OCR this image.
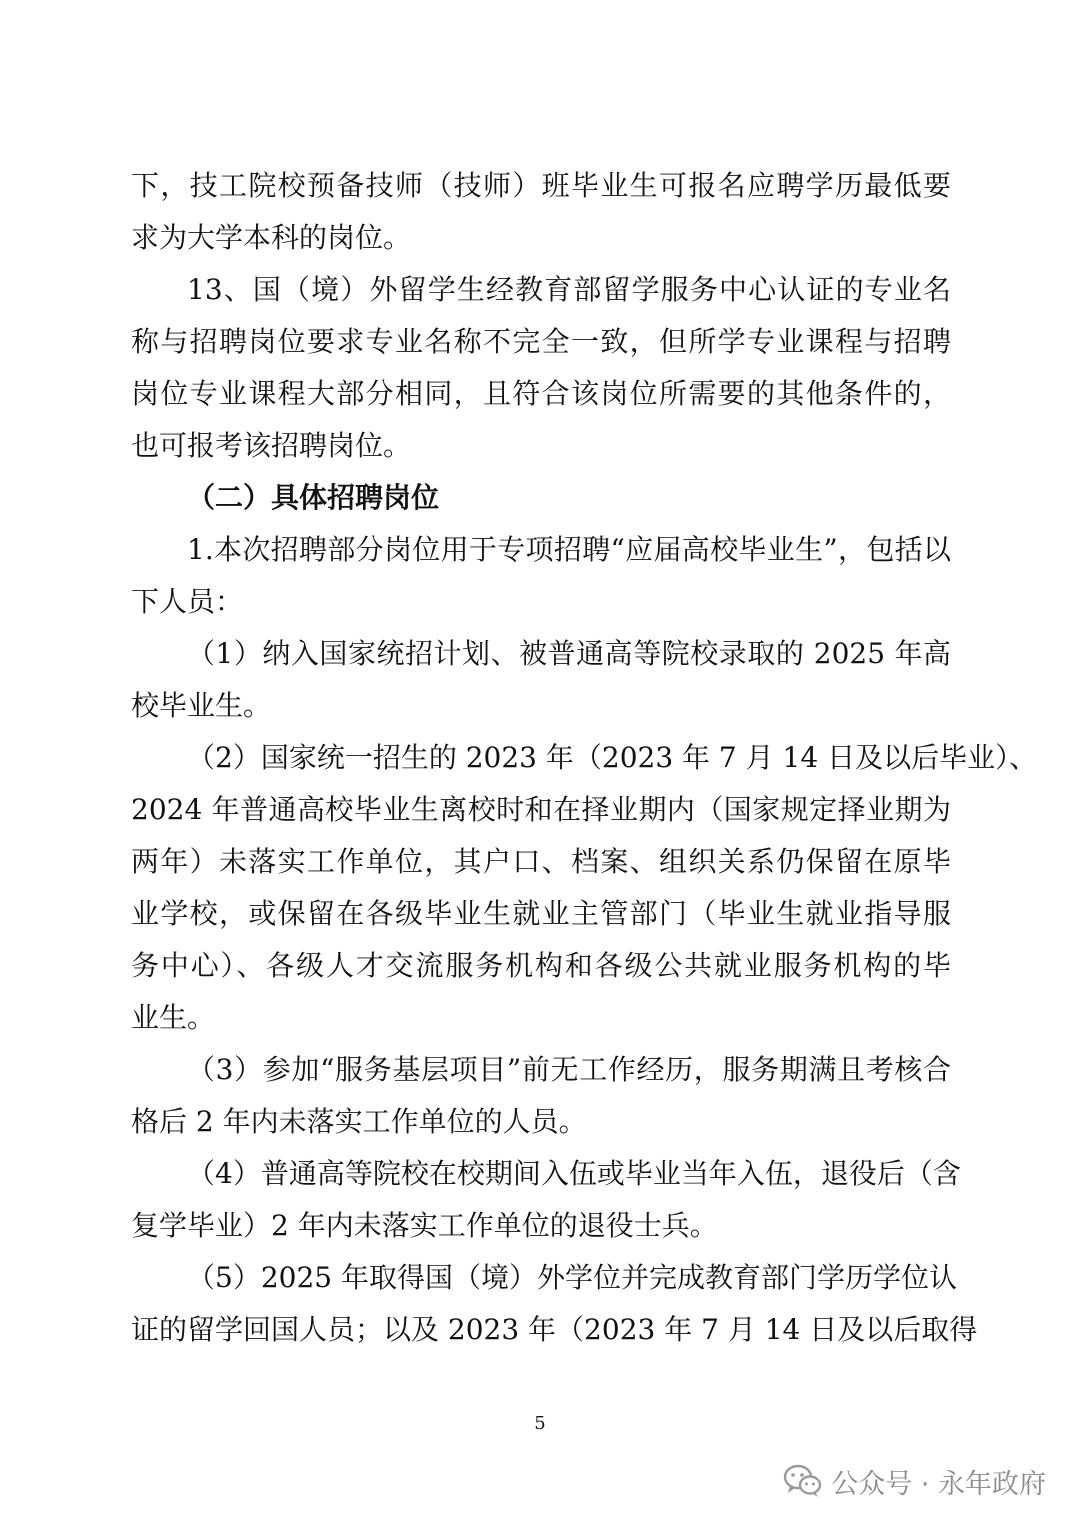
下，技工院校预备技师（技师）班毕业生可报名应聘学历最低要
求为大学本科的岗位。
13、国（境）外留学生经教育部留学服务中心认证的专业名
称与招聘岗位要求专业名称不完全一致，但所学专业课程与招聘
岗位专业课程大部分相同，且符合该岗位所需要的其他条件的，
也可报考该招聘岗位。
（二）具体招聘岗位
1.本次招聘部分岗位用于专项招聘“应届高校毕业生”，包括以
下人员：
（1）纳入国家统招计划、被普通高等院校录取的 2025 年高
校毕业生。
（2）国家统一招生的 2023 年（2023 年 7 月 14 日及以后毕业）、
2024 年普通高校毕业生离校时和在择业期内（国家规定择业期为
两年）未落实工作单位，其户口、档案、组织关系仍保留在原毕
业学校，或保留在各级毕业生就业主管部门（毕业生就业指导服
务中心）、各级人才交流服务机构和各级公共就业服务机构的毕
业生。
（3）参加“服务基层项目”前无工作经历，服务期满且考核合
格后 2 年内未落实工作单位的人员。
（4）普通高等院校在校期间入伍或毕业当年入伍，退役后（含
复学毕业）2 年内未落实工作单位的退役士兵。
（5）2025 年取得国（境）外学位并完成教育部门学历学位认
证的留学回国人员；以及 2023 年（2023 年 7 月 14 日及以后取得
5
公众号 · 永年政府
